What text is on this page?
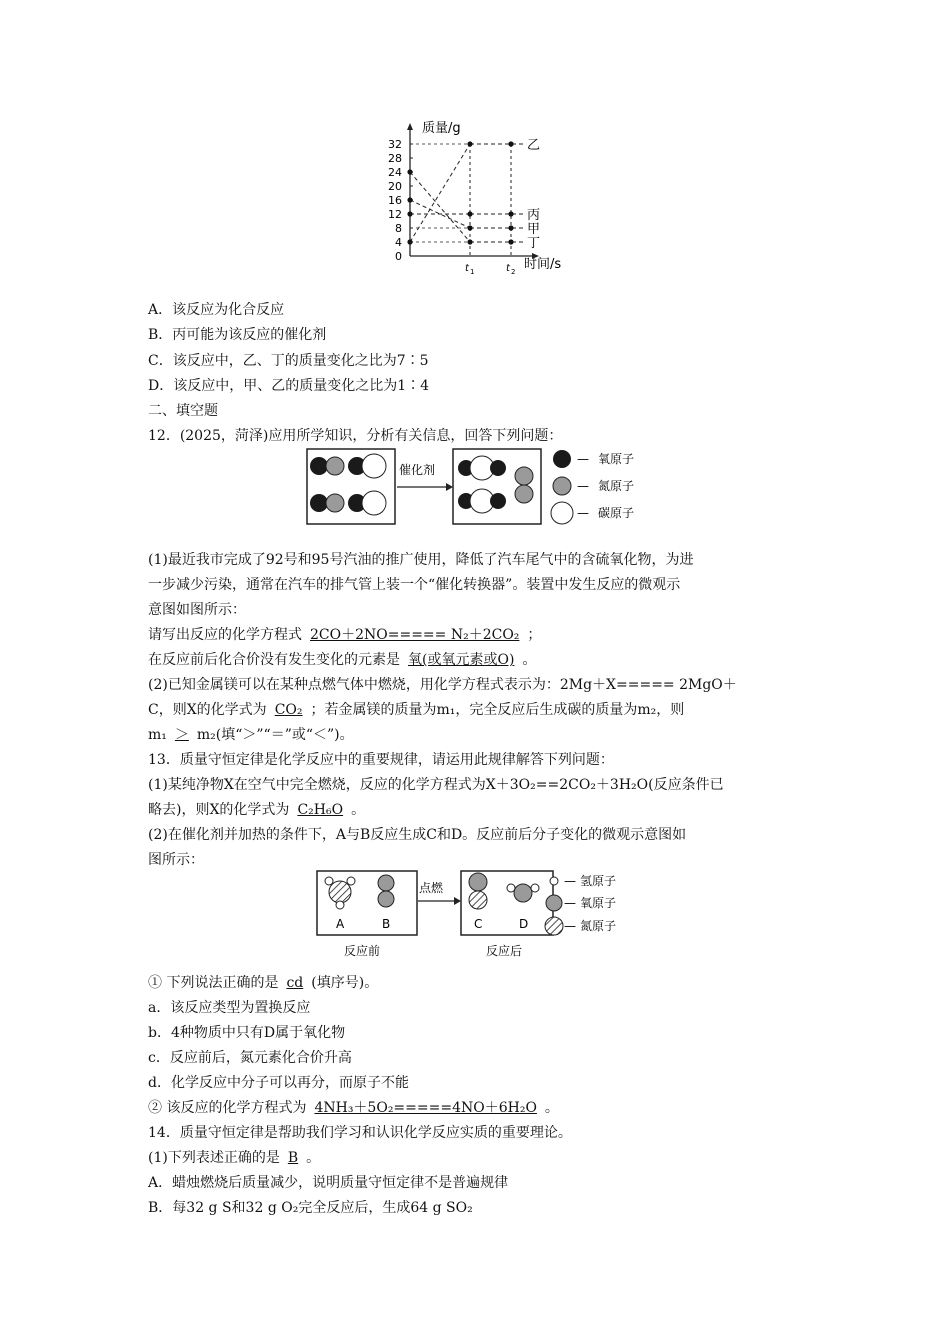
质量/g
时间/s
32
28
24
20
16
12
8
4
0
乙
丙
甲
丁
t 1	t 2
A．该反应为化合反应
B．丙可能为该反应的催化剂
C．该反应中，乙、丁的质量变化之比为7∶5
D．该反应中，甲、乙的质量变化之比为1∶4
二、填空题
12．(2025，菏泽)应用所学知识，分析有关信息，回答下列问题：
催化剂
— 氧原子
— 氮原子
— 碳原子
(1)最近我市完成了92号和95号汽油的推广使用，降低了汽车尾气中的含硫氧化物，为进
一步减少污染，通常在汽车的排气管上装一个“催化转换器”。装置中发生反应的微观示
意图如图所示：
请写出反应的化学方程式 2CO＋2NO===== N₂＋2CO₂ ；
在反应前后化合价没有发生变化的元素是 氧(或氧元素或O) 。
(2)已知金属镁可以在某种点燃气体中燃烧，用化学方程式表示为：2Mg＋X===== 2MgO＋
C，则X的化学式为 CO₂ ；若金属镁的质量为m₁，完全反应后生成碳的质量为m₂，则
m₁ ＞ m₂(填“＞”“＝”或“＜”)。
13．质量守恒定律是化学反应中的重要规律，请运用此规律解答下列问题：
(1)某纯净物X在空气中完全燃烧，反应的化学方程式为X＋3O₂==2CO₂＋3H₂O(反应条件已
略去)，则X的化学式为 C₂H₆O 。
(2)在催化剂并加热的条件下，A与B反应生成C和D。反应前后分子变化的微观示意图如
图所示：
A	B
点燃
C	D
反应前	反应后
— 氢原子
— 氧原子
— 氮原子
① 下列说法正确的是 cd (填序号)。
a．该反应类型为置换反应
b．4种物质中只有D属于氧化物
c．反应前后，氮元素化合价升高
d．化学反应中分子可以再分，而原子不能
② 该反应的化学方程式为 4NH₃＋5O₂=====4NO＋6H₂O 。
14．质量守恒定律是帮助我们学习和认识化学反应实质的重要理论。
(1)下列表述正确的是 B 。
A．蜡烛燃烧后质量减少，说明质量守恒定律不是普遍规律
B．每32 g S和32 g O₂完全反应后，生成64 g SO₂
